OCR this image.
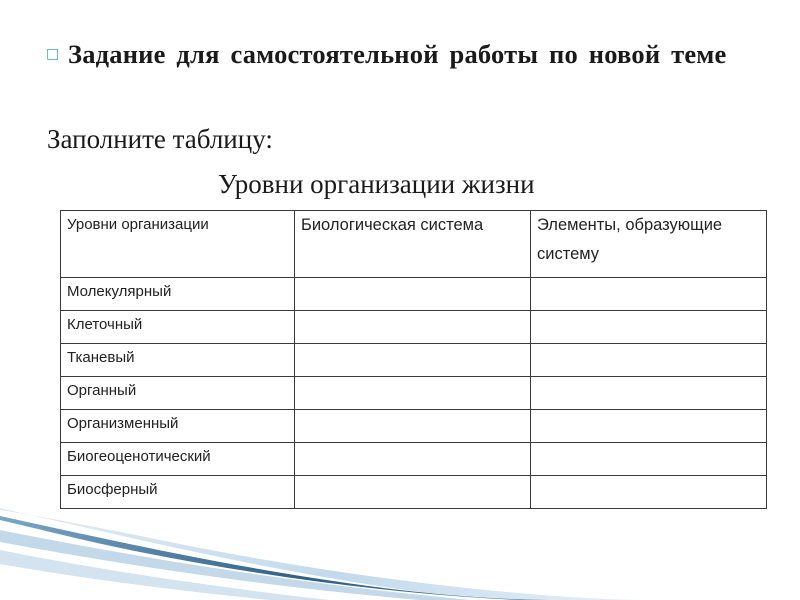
□ Задание для самостоятельной работы по новой теме
Заполните таблицу:
Уровни организации жизни
Уровни организации	Биологическая система	Элементы, образующие систему
Молекулярный		
Клеточный		
Тканевый		
Органный		
Организменный		
Биогеоценотический		
Биосферный		
